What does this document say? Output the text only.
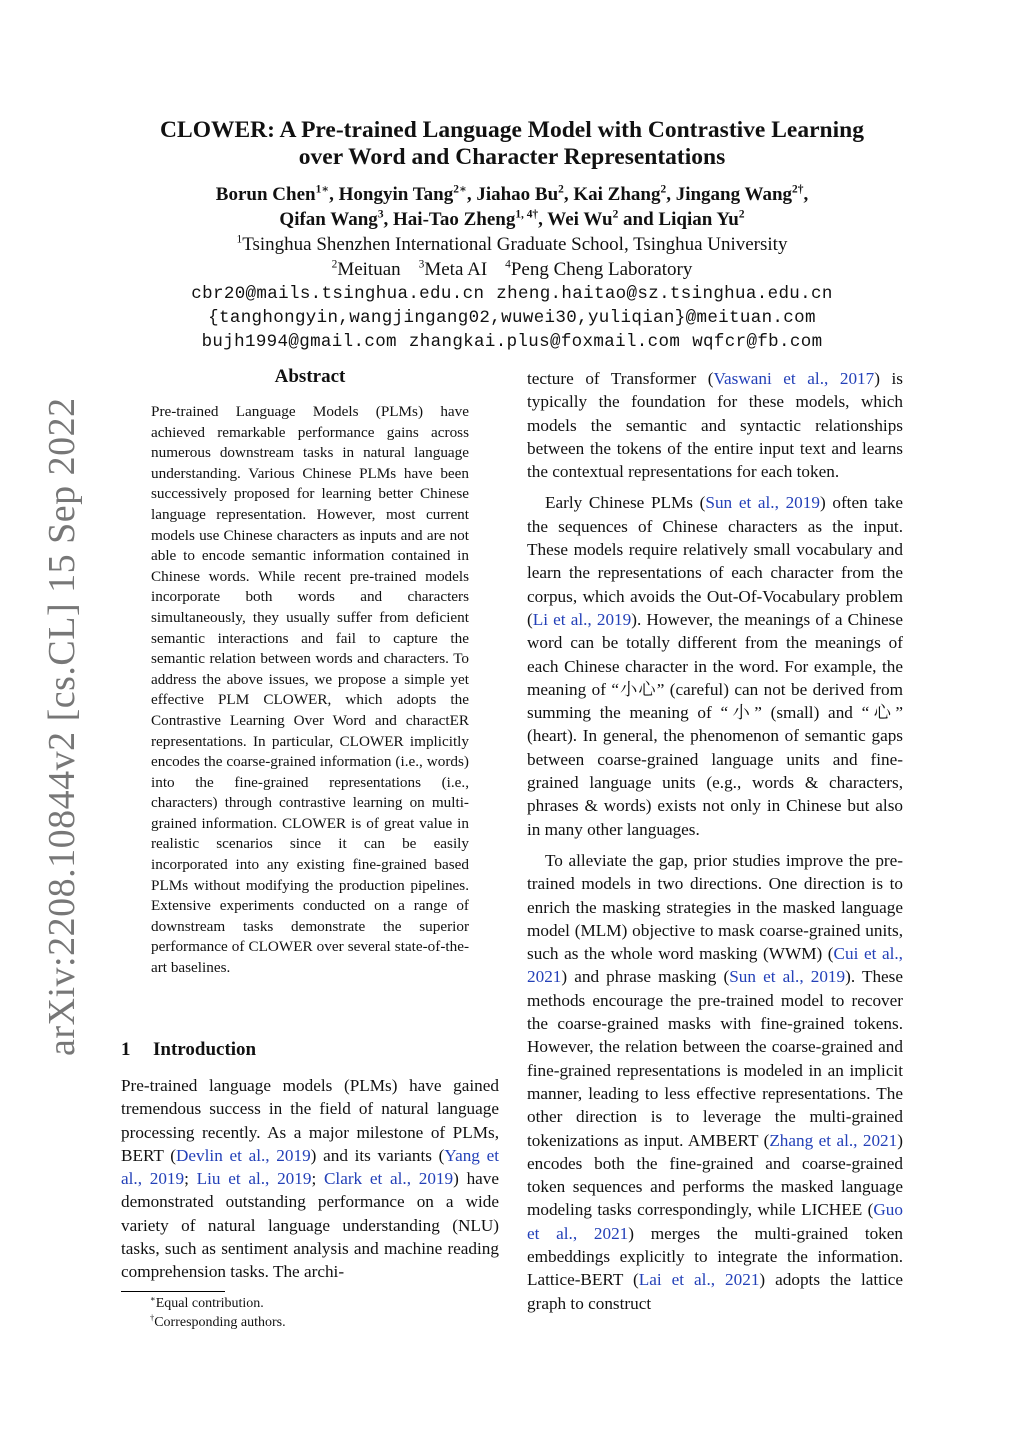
CLOWER: A Pre-trained Language Model with Contrastive Learning
over Word and Character Representations
Borun Chen$^{1∗}$, Hongyin Tang$^{2∗}$, Jiahao Bu$^2$, Kai Zhang$^2$, Jingang Wang$^{2\dagger}$,
Qifan Wang$^3$, Hai-Tao Zheng$^{1, 4\dagger}$, Wei Wu$^2$ and Liqian Yu$^2$
$^1$Tsinghua Shenzhen International Graduate School, Tsinghua University
$^2$Meituan $^3$Meta AI $^4$Peng Cheng Laboratory
cbr20@mails.tsinghua.edu.cn zheng.haitao@sz.tsinghua.edu.cn
{tanghongyin,wangjingang02,wuwei30,yuliqian}@meituan.com
bujh1994@gmail.com zhangkai.plus@foxmail.com wqfcr@fb.com
arXiv:2208.10844v2 [cs.CL] 15 Sep 2022
Abstract
Pre-trained Language Models (PLMs) have achieved remarkable performance gains across numerous downstream tasks in natural language understanding. Various Chinese PLMs have been successively proposed for learning better Chinese language representation. However, most current models use Chinese characters as inputs and are not able to encode semantic information contained in Chinese words. While recent pre-trained models incorporate both words and characters simultaneously, they usually suffer from deficient semantic interactions and fail to capture the semantic relation between words and characters. To address the above issues, we propose a simple yet effective PLM CLOWER, which adopts the Contrastive Learning Over Word and charactER representations. In particular, CLOWER implicitly encodes the coarse-grained information (i.e., words) into the fine-grained representations (i.e., characters) through contrastive learning on multi-grained information. CLOWER is of great value in realistic scenarios since it can be easily incorporated into any existing fine-grained based PLMs without modifying the production pipelines. Extensive experiments conducted on a range of downstream tasks demonstrate the superior performance of CLOWER over several state-of-the-art baselines.
1 Introduction
Pre-trained language models (PLMs) have gained tremendous success in the field of natural language processing recently. As a major milestone of PLMs, BERT (Devlin et al., 2019) and its variants (Yang et al., 2019; Liu et al., 2019; Clark et al., 2019) have demonstrated outstanding performance on a wide variety of natural language understanding (NLU) tasks, such as sentiment analysis and machine reading comprehension tasks. The archi-
∗Equal contribution.
†Corresponding authors.

tecture of Transformer (Vaswani et al., 2017) is typically the foundation for these models, which models the semantic and syntactic relationships between the tokens of the entire input text and learns the contextual representations for each token.

Early Chinese PLMs (Sun et al., 2019) often take the sequences of Chinese characters as the input. These models require relatively small vocabulary and learn the representations of each character from the corpus, which avoids the Out-Of-Vocabulary problem (Li et al., 2019). However, the meanings of a Chinese word can be totally different from the meanings of each Chinese character in the word. For example, the meaning of “小心” (careful) can not be derived from summing the meaning of “小” (small) and “心” (heart). In general, the phenomenon of semantic gaps between coarse-grained language units and fine-grained language units (e.g., words & characters, phrases & words) exists not only in Chinese but also in many other languages.

To alleviate the gap, prior studies improve the pre-trained models in two directions. One direction is to enrich the masking strategies in the masked language model (MLM) objective to mask coarse-grained units, such as the whole word masking (WWM) (Cui et al., 2021) and phrase masking (Sun et al., 2019). These methods encourage the pre-trained model to recover the coarse-grained masks with fine-grained tokens. However, the relation between the coarse-grained and fine-grained representations is modeled in an implicit manner, leading to less effective representations. The other direction is to leverage the multi-grained tokenizations as input. AMBERT (Zhang et al., 2021) encodes both the fine-grained and coarse-grained token sequences and performs the masked language modeling tasks correspondingly, while LICHEE (Guo et al., 2021) merges the multi-grained token embeddings explicitly to integrate the information. Lattice-BERT (Lai et al., 2021) adopts the lattice graph to construct
